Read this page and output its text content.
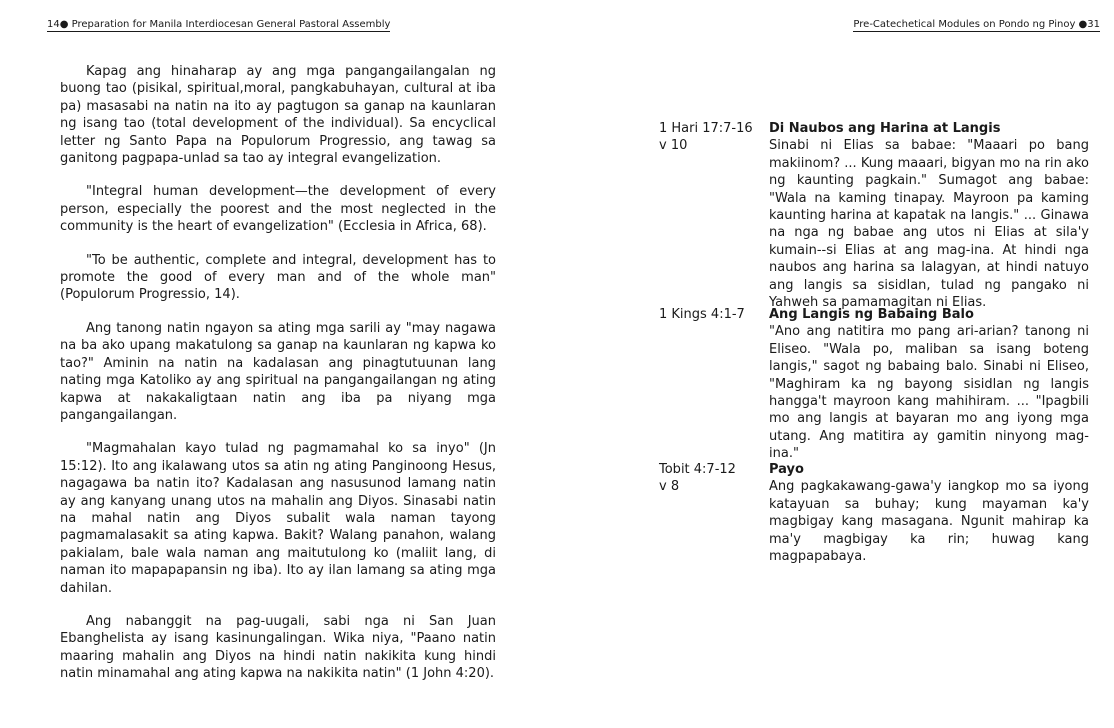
14● Preparation for Manila Interdiocesan General Pastoral Assembly

Kapag ang hinaharap ay ang mga pangangailangalan ng buong tao (pisikal, spiritual,moral, pangkabuhayan, cultural at iba pa) masasabi na natin na ito ay pagtugon sa ganap na kaunlaran ng isang tao (total development of the individual). Sa encyclical letter ng Santo Papa na Populorum Progressio, ang tawag sa ganitong pagpapa-unlad sa tao ay integral evangelization.

"Integral human development—the development of every person, especially the poorest and the most neglected in the community is the heart of evangelization" (Ecclesia in Africa, 68).

"To be authentic, complete and integral, development has to promote the good of every man and of the whole man" (Populorum Progressio, 14).

Ang tanong natin ngayon sa ating mga sarili ay "may nagawa na ba ako upang makatulong sa ganap na kaunlaran ng kapwa ko tao?" Aminin na natin na kadalasan ang pinagtutuunan lang nating mga Katoliko ay ang spiritual na pangangailangan ng ating kapwa at nakakaligtaan natin ang iba pa niyang mga pangangailangan.

"Magmahalan kayo tulad ng pagmamahal ko sa inyo" (Jn 15:12). Ito ang ikalawang utos sa atin ng ating Panginoong Hesus, nagagawa ba natin ito? Kadalasan ang nasusunod lamang natin ay ang kanyang unang utos na mahalin ang Diyos. Sinasabi natin na mahal natin ang Diyos subalit wala naman tayong pagmamalasakit sa ating kapwa. Bakit? Walang panahon, walang pakialam, bale wala naman ang maitutulong ko (maliit lang, di naman ito mapapapansin ng iba). Ito ay ilan lamang sa ating mga dahilan.

Ang nabanggit na pag-uugali, sabi nga ni San Juan Ebanghelista ay isang kasinungalingan. Wika niya, "Paano natin maaring mahalin ang Diyos na hindi natin nakikita kung hindi natin minamahal ang ating kapwa na nakikita natin" (1 John 4:20).

Pre-Catechetical Modules on Pondo ng Pinoy ●31
1 Hari 17:7-16
v 10
Di Naubos ang Harina at Langis
Sinabi ni Elias sa babae: "Maaari po bang makiinom? ... Kung maaari, bigyan mo na rin ako ng kaunting pagkain." Sumagot ang babae: "Wala na kaming tinapay. Mayroon pa kaming kaunting harina at kapatak na langis." ... Ginawa na nga ng babae ang utos ni Elias at sila'y kumain--si Elias at ang mag-ina. At hindi nga naubos ang harina sa lalagyan, at hindi natuyo ang langis sa sisidlan, tulad ng pangako ni Yahweh sa pamamagitan ni Elias.
1 Kings 4:1-7	Ang Langis ng Babaing Balo
"Ano ang natitira mo pang ari-arian? tanong ni Eliseo. "Wala po, maliban sa isang boteng langis," sagot ng babaing balo. Sinabi ni Eliseo, "Maghiram ka ng bayong sisidlan ng langis hangga't mayroon kang mahihiram. ... "Ipagbili mo ang langis at bayaran mo ang iyong mga utang. Ang matitira ay gamitin ninyong mag-ina."
Tobit 4:7-12
v 8
Payo
Ang pagkakawang-gawa'y iangkop mo sa iyong katayuan sa buhay; kung mayaman ka'y magbigay kang masagana. Ngunit mahirap ka ma'y magbigay ka rin; huwag kang magpapabaya.
